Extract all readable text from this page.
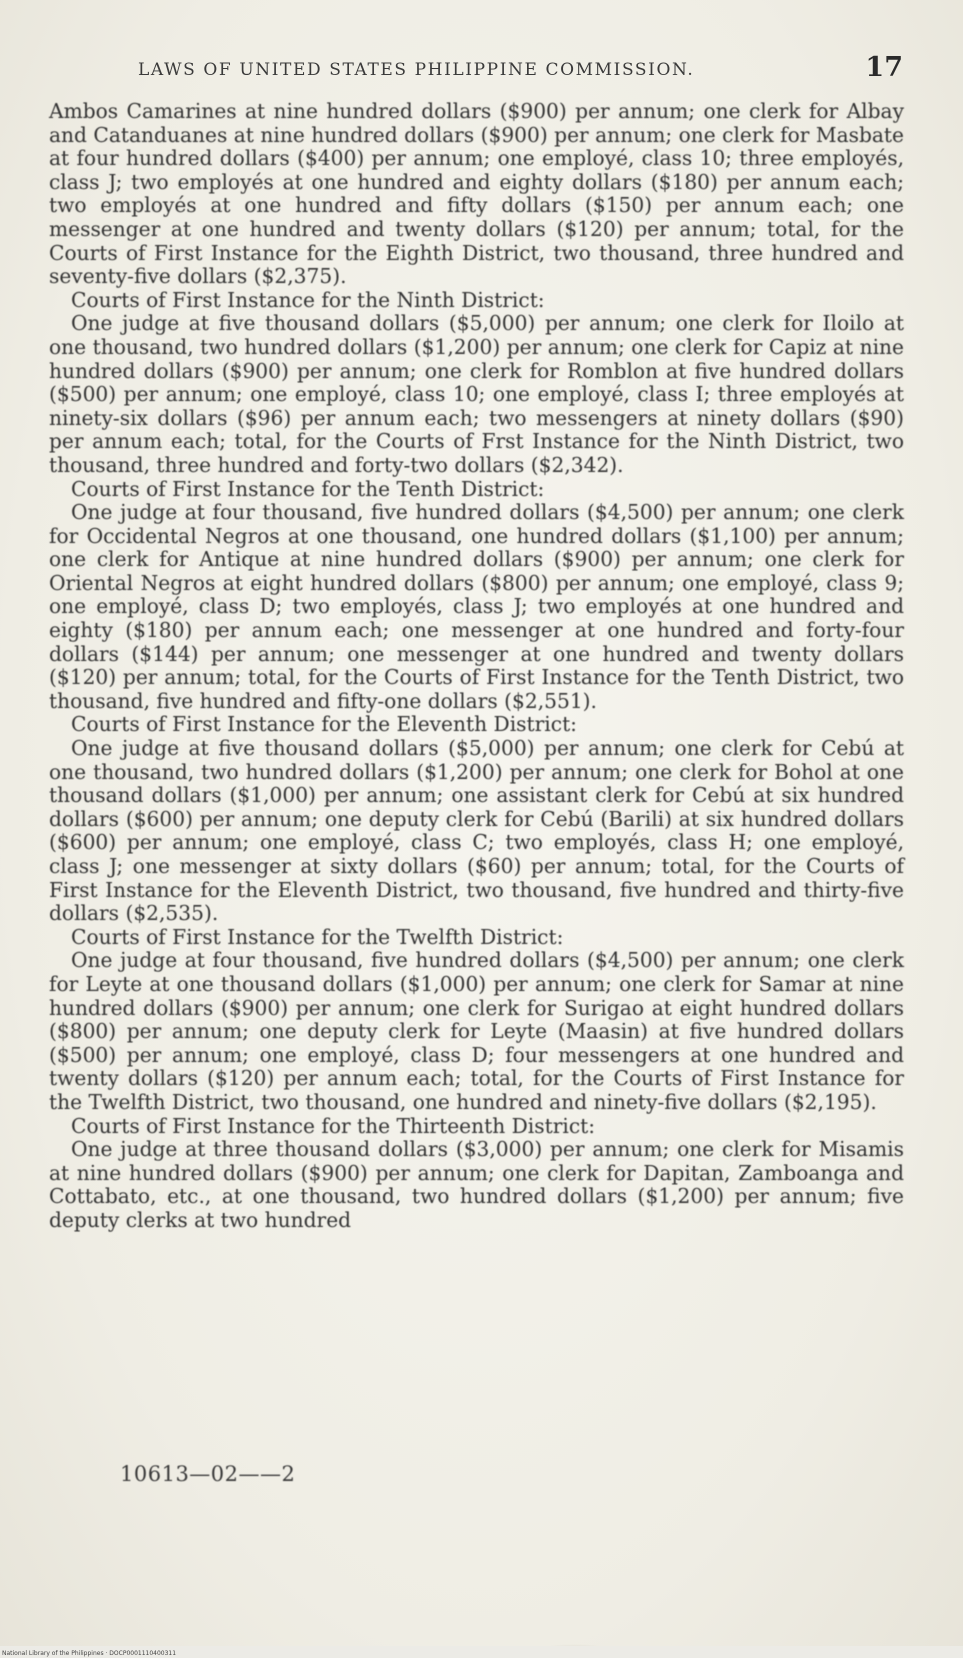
LAWS OF UNITED STATES PHILIPPINE COMMISSION.	17

Ambos Camarines at nine hundred dollars ($900) per annum; one clerk for Albay and Catanduanes at nine hundred dollars ($900) per annum; one clerk for Masbate at four hundred dollars ($400) per annum; one employé, class 10; three employés, class J; two employés at one hundred and eighty dollars ($180) per annum each; two employés at one hundred and fifty dollars ($150) per annum each; one messenger at one hundred and twenty dollars ($120) per annum; total, for the Courts of First Instance for the Eighth District, two thousand, three hundred and seventy-five dollars ($2,375).

Courts of First Instance for the Ninth District:

One judge at five thousand dollars ($5,000) per annum; one clerk for Iloilo at one thousand, two hundred dollars ($1,200) per annum; one clerk for Capiz at nine hundred dollars ($900) per annum; one clerk for Romblon at five hundred dollars ($500) per annum; one employé, class 10; one employé, class I; three employés at ninety-six dollars ($96) per annum each; two messengers at ninety dollars ($90) per annum each; total, for the Courts of Frst Instance for the Ninth District, two thousand, three hundred and forty-two dollars ($2,342).

Courts of First Instance for the Tenth District:

One judge at four thousand, five hundred dollars ($4,500) per annum; one clerk for Occidental Negros at one thousand, one hundred dollars ($1,100) per annum; one clerk for Antique at nine hundred dollars ($900) per annum; one clerk for Oriental Negros at eight hundred dollars ($800) per annum; one employé, class 9; one employé, class D; two employés, class J; two employés at one hundred and eighty ($180) per annum each; one messenger at one hundred and forty-four dollars ($144) per annum; one messenger at one hundred and twenty dollars ($120) per annum; total, for the Courts of First Instance for the Tenth District, two thousand, five hundred and fifty-one dollars ($2,551).

Courts of First Instance for the Eleventh District:

One judge at five thousand dollars ($5,000) per annum; one clerk for Cebú at one thousand, two hundred dollars ($1,200) per annum; one clerk for Bohol at one thousand dollars ($1,000) per annum; one assistant clerk for Cebú at six hundred dollars ($600) per annum; one deputy clerk for Cebú (Barili) at six hundred dollars ($600) per annum; one employé, class C; two employés, class H; one employé, class J; one messenger at sixty dollars ($60) per annum; total, for the Courts of First Instance for the Eleventh District, two thousand, five hundred and thirty-five dollars ($2,535).

Courts of First Instance for the Twelfth District:

One judge at four thousand, five hundred dollars ($4,500) per annum; one clerk for Leyte at one thousand dollars ($1,000) per annum; one clerk for Samar at nine hundred dollars ($900) per annum; one clerk for Surigao at eight hundred dollars ($800) per annum; one deputy clerk for Leyte (Maasin) at five hundred dollars ($500) per annum; one employé, class D; four messengers at one hundred and twenty dollars ($120) per annum each; total, for the Courts of First Instance for the Twelfth District, two thousand, one hundred and ninety-five dollars ($2,195).

Courts of First Instance for the Thirteenth District:

One judge at three thousand dollars ($3,000) per annum; one clerk for Misamis at nine hundred dollars ($900) per annum; one clerk for Dapitan, Zamboanga and Cottabato, etc., at one thousand, two hundred dollars ($1,200) per annum; five deputy clerks at two hundred

10613—02——2
National Library of the Philippines · DOCP0001110400311
